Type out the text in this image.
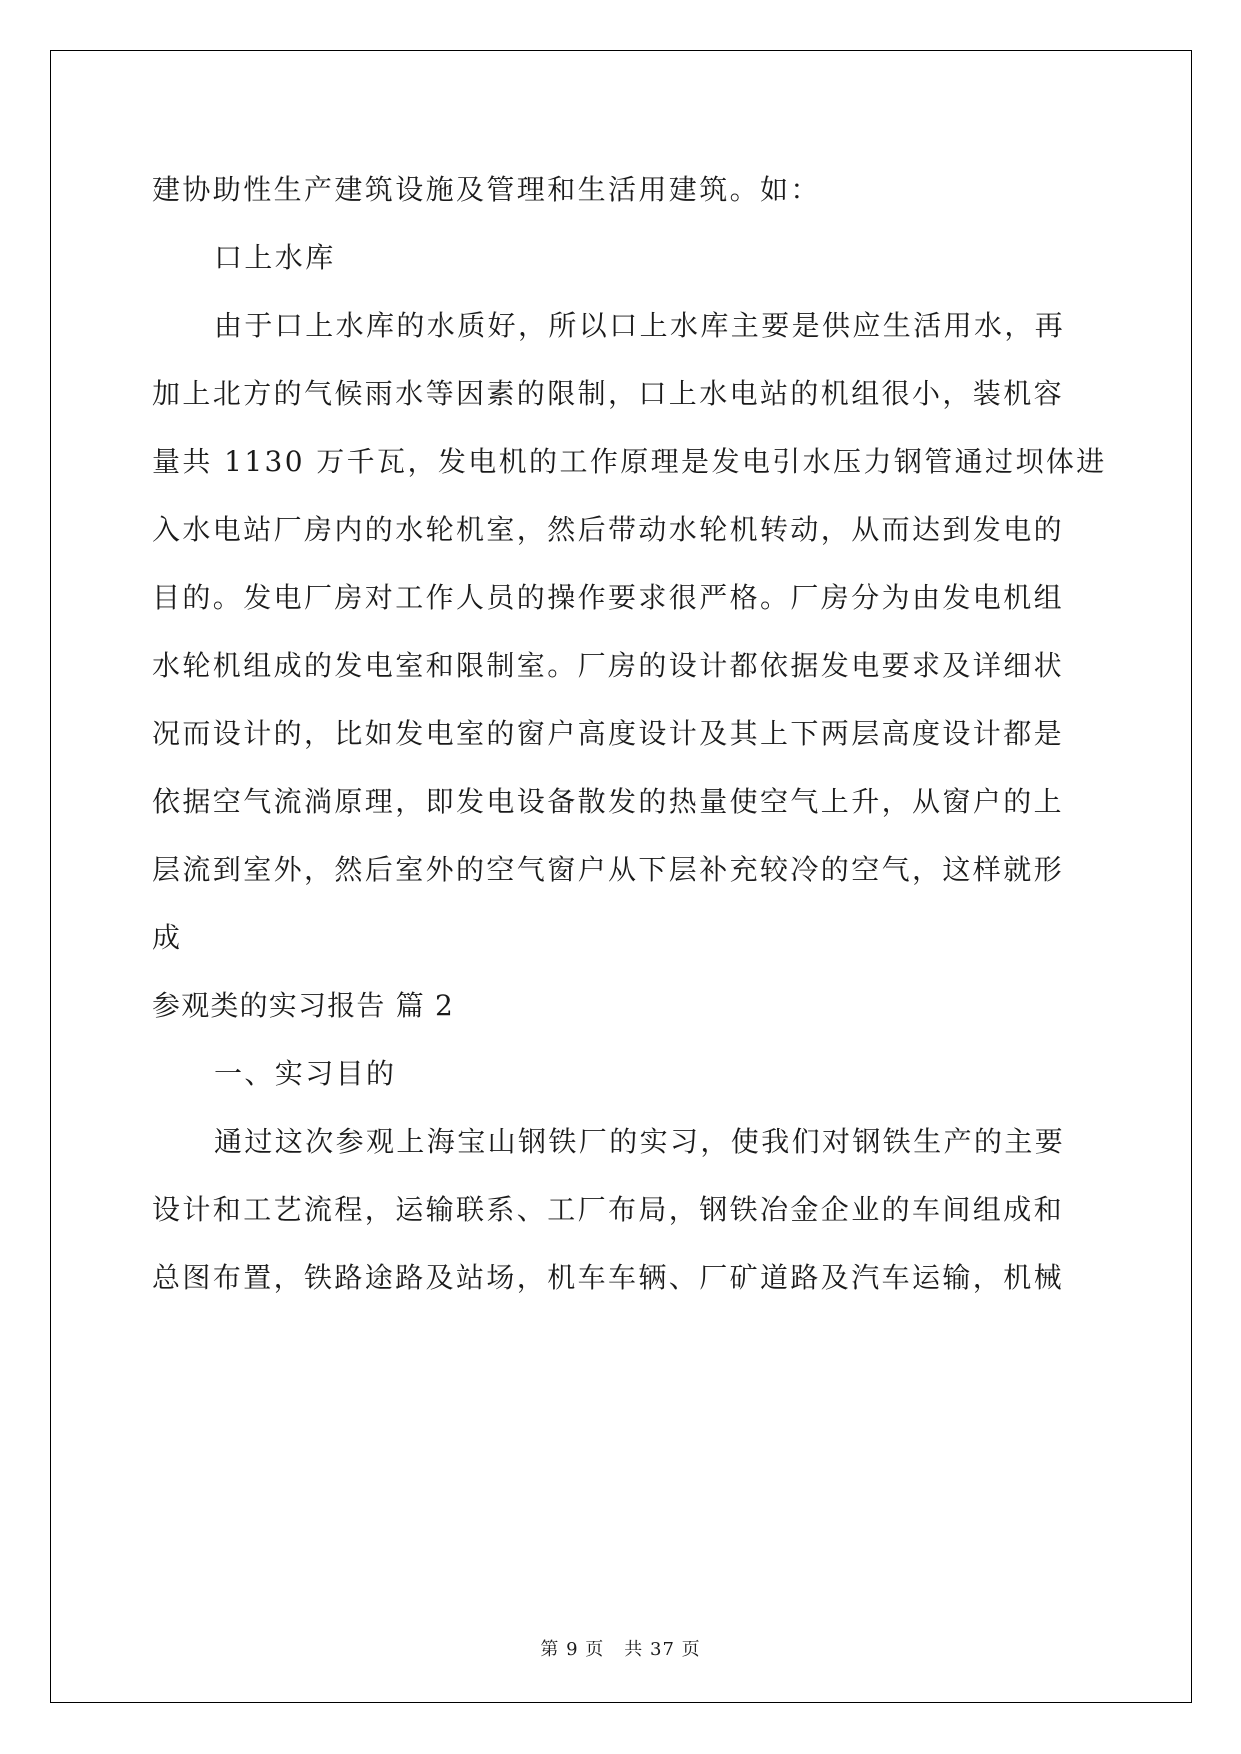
建协助性生产建筑设施及管理和生活用建筑。如：
口上水库
由于口上水库的水质好，所以口上水库主要是供应生活用水，再
加上北方的气候雨水等因素的限制，口上水电站的机组很小，装机容
量共 1130 万千瓦，发电机的工作原理是发电引水压力钢管通过坝体进
入水电站厂房内的水轮机室，然后带动水轮机转动，从而达到发电的
目的。发电厂房对工作人员的操作要求很严格。厂房分为由发电机组
水轮机组成的发电室和限制室。厂房的设计都依据发电要求及详细状
况而设计的，比如发电室的窗户高度设计及其上下两层高度设计都是
依据空气流淌原理，即发电设备散发的热量使空气上升，从窗户的上
层流到室外，然后室外的空气窗户从下层补充较冷的空气，这样就形
成
参观类的实习报告 篇 2
一、实习目的
通过这次参观上海宝山钢铁厂的实习，使我们对钢铁生产的主要
设计和工艺流程，运输联系、工厂布局，钢铁冶金企业的车间组成和
总图布置，铁路途路及站场，机车车辆、厂矿道路及汽车运输，机械
第 9 页 共 37 页
